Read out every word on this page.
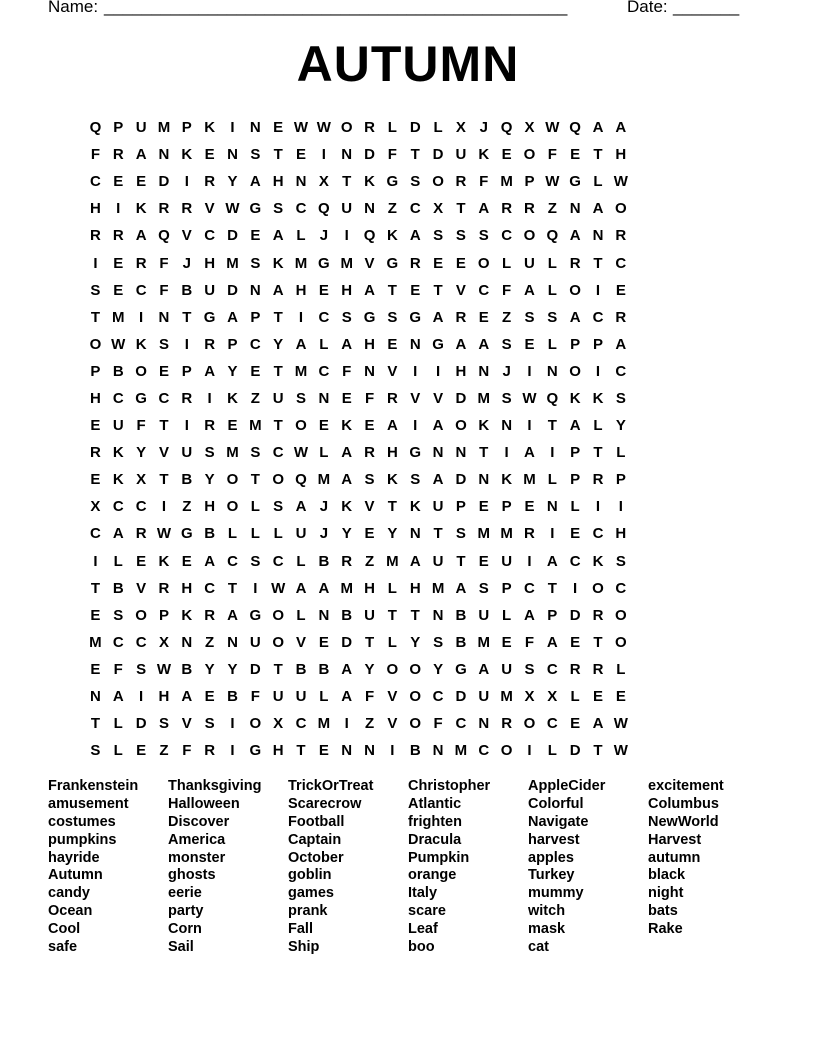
Name: _________________________________________________	Date: _______
AUTUMN
Q P U M P K	I	N E W W O R L D L X J Q X W Q A A
F R A N K E N S T E	I	N D F T D U K E O F E T H
C E E D	I	R Y A H N X T K G S O R F M P W G L W
H	I	K R R V W G S C Q U N Z C X T A R R Z N A O
R R A Q V C D E A L J	I Q K A S S S C O Q A N R
I	E R F J H M S K M G M V G R E E O L U L R T C
S E C F B U D N A H E H A T E T V C F A L O I	E
T M I	N T G A P T	I	C S G S G A R E Z S S A C R
O W K S	I	R P C Y A L A H E N G A A S E L P P A
P B O E P A Y E T M C F N V	I	I	H N J	I	N O I	C
H C G C R	I	K Z U S N E F R V V D M S W Q K K S
E U F T	I	R E M T O E K E A	I	A O K N	I	T A L Y
R K Y V U S M S C W L A R H G N N T	I	A	I	P T L
E K X T B Y O T O Q M A S K S A D N K M L P R P
X C C	I	Z H O L S A J K V T K U P E P E N L	I	I
C A R W G B L L L U J Y E Y N T S M M R	I	E C H
I	L E K E A C S C L B R Z M A U T E U	I	A C K S
T B V R H C T	I W A A M H L H M A S P C T	I O C
E S O P K R A G O L N B U T T N B U L A P D R O
M C C X N Z N U O V E D T L Y S B M E F A E T O
E F S W B Y Y D T B B A Y O O Y G A U S C R R L
N A	I	H A E B F U U L A F V O C D U M X X L E E
T L D S V S	I O X C M I	Z V O F C N R O C E A W
S L E Z F R	I G H T E N N	I	B N M C O I	L D T W
Frankenstein
amusement
costumes
pumpkins
hayride
Autumn
candy
Ocean
Cool
safe
Thanksgiving
Halloween
Discover
America
monster
ghosts
eerie
party
Corn
Sail
TrickOrTreat
Scarecrow
Football
Captain
October
goblin
games
prank
Fall
Ship
Christopher
Atlantic
frighten
Dracula
Pumpkin
orange
Italy
scare
Leaf
boo
AppleCider
Colorful
Navigate
harvest
apples
Turkey
mummy
witch
mask
cat
excitement
Columbus
NewWorld
Harvest
autumn
black
night
bats
Rake
